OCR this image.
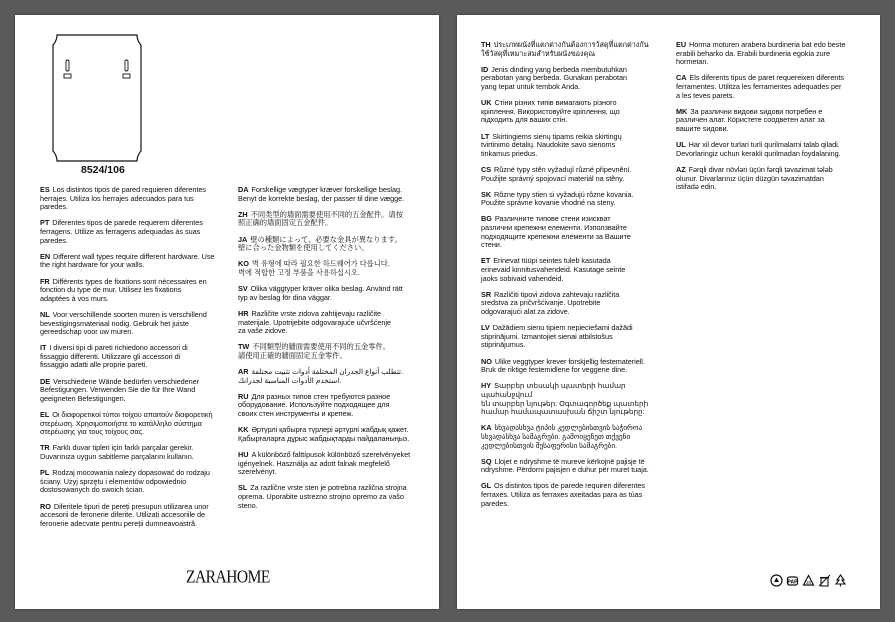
8524/106

ES Los distintos tipos de pared requieren diferentes
herrajes. Utiliza los herrajes adecuados para tus
paredes.

PT Diferentes tipos de parede requerem diferentes
ferragens. Utilize as ferragens adequadas às suas
paredes.

EN Different wall types require different hardware. Use
the right hardware for your walls.

FR Différents types de fixations sont nécessaires en
fonction du type de mur. Utilisez les fixations
adaptées à vos murs.

NL Voor verschillende soorten muren is verschillend
bevestigingsmateriaal nodig. Gebruik het juiste
gereedschap voor uw muren.

IT I diversi tipi di pareti richiedono accessori di
fissaggio differenti. Utilizzare gli accessori di
fissaggio adatti alle proprie pareti.

DE Verschiedene Wände bedürfen verschiedener
Befestigungen. Verwenden Sie die für Ihre Wand
geeigneten Befestigungen.

EL Οι διαφορετικοί τύποι τοίχου απαιτούν διαφορετική
στερέωση. Χρησιμοποιήστε το κατάλληλο σύστημα
στερέωσης για τους τοίχους σας.

TR Farklı duvar tipleri için farklı parçalar gerekir.
Duvarınıza uygun sabitleme parçalarını kullanın.

PL Rodzaj mocowania należy dopasować do rodzaju
ściany. Użyj sprzętu i elementów odpowiednio
dostosowanych do swoich ścian.

RO Diferitele tipuri de pereți presupun utilizarea unor
accesorii de feronerie diferite. Utilizați accesoriile de
feronerie adecvate pentru pereții dumneavoastră.

DA Forskellige vægtyper kræver forskellige beslag.
Benyt de korrekte beslag, der passer til dine vægge.

ZH 不同类型的墙面需要使用不同的五金配件。请按
照正确的墙面固定五金配件。

JA 壁の種類によって、必要な金具が異なります。
壁に合った金物類を使用してください。

KO 벽 유형에 따라 필요한 하드웨어가 다릅니다.
벽에 적합한 고정 부품을 사용하십시오.

SV Olika väggtyper kräver olika beslag. Använd rätt
typ av beslag för dina väggar.

HR Različite vrste zidova zahtijevaju različite
materijale. Upotrijebite odgovarajuće učvršćenje
za vaše zidove.

TW 不同類型的牆面需要使用不同的五金零件。
請使用正確的牆面固定五金零件。

AR تتطلب أنواع الجدران المختلفة أدوات تثبيت مختلفة.
استخدم الأدوات المناسبة لجدرانك.

RU Для разных типов стен требуются разное
оборудование. Используйте подходящее для
своих стен инструменты и крепеж.

KK Әртүрлі қабырға түрлері әртүрлі жабдық қажет.
Қабырғаларға дұрыс жабдықтарды пайдаланыңыз.

HU A különböző falttípusok különböző szerelvényeket
igényelnek. Használja az adott falnak megfelelő
szerelvényt.

SL Za različne vrste sten je potrebna različna strojna
oprema. Uporabite ustrezno strojno opremo za vašo
steno.

ZARAHOME

TH ประเภทผนังที่แตกต่างกันต้องการวัสดุที่แตกต่างกัน
ใช้วัสดุที่เหมาะสมสำหรับผนังของคุณ

ID Jenis dinding yang berbeda membutuhkan
perabotan yang berbeda. Gunakan perabotan
yang tepat untuk tembok Anda.

UK Стіни різних типів вимагають різного
кріплення. Використовуйте кріплення, що
підходить для ваших стін.

LT Skirtingiems sienų tipams reikia skirtingų
tvirtinimo detalių. Naudokite savo sienoms
tinkamus priedus.

CS Různé typy stěn vyžadují různé připevnění.
Použijte správný spojovací materiál na stěny.

SK Rôzne typy stien si vyžadujú rôzne kovania.
Použite správne kovanie vhodné na steny.

BG Различните типове стени изискват
различни крепежни елементи. Използвайте
подходящите крепежни елементи за Вашите
стени.

ET Erinevat tüüpi seintes tuleb kasutada
erinevaid kinnitusvahendeid. Kasutage seinte
jaoks sobivaid vahendeid.

SR Različiti tipovi zidova zahtevaju različita
sredstva za pričvršćivanje. Upotrebite
odgovarajući alat za zidove.

LV Dažādiem sienu tipiem nepieciešami dažādi
stiprinājumi. Izmantojiet sienai atbilstošus
stiprinājumus.

NO Ulike veggtyper krever forskjellig festemateriell.
Bruk de riktige festemidlene for veggene dine.

HY Տարբեր տեսակի պատերի համար պահանջվում
են տարբեր նյութեր: Օգտագործեք պատերի
համար համապատասխան ճիշտ նյութերը:

KA სხვადასხვა ტიპის კედლებისთვის საჭიროა
სხვადასხვა სამაგრები. გამოიყენეთ თქვენი
კედლებისთვის შესაფერისი სამაგრები.

SQ Llojet e ndryshme të mureve kërkojnë pajisje të
ndryshme. Përdorni pajisjen e duhur për muret tuaja.

GL Os distintos tipos de parede requiren diferentes
ferraxes. Utiliza as ferraxes axeitadas para as túas
paredes.

EU Horma moturen arabera burdineria bat edo beste
erabili beharko da. Erabili burdineria egokia zure
hormetan.

CA Els diferents tipus de paret requereixen diferents
ferramentes. Utilitza les ferramentes adequades per
a les teves parets.

MK За различни видови ѕидови потребен е
различен алат. Користете соодветен алат за
вашите ѕидови.

UL Har xil devor turlari turli qurilmalarni talab qiladi.
Devorlaringiz uchun kerakli qurilmadan foydalaning.

AZ Fərqli divar növləri üçün fərqli təvazimat tələb
olunur. Divarlarınız üçün düzgün təvazimatdan
istifadə edin.

PAP 20
